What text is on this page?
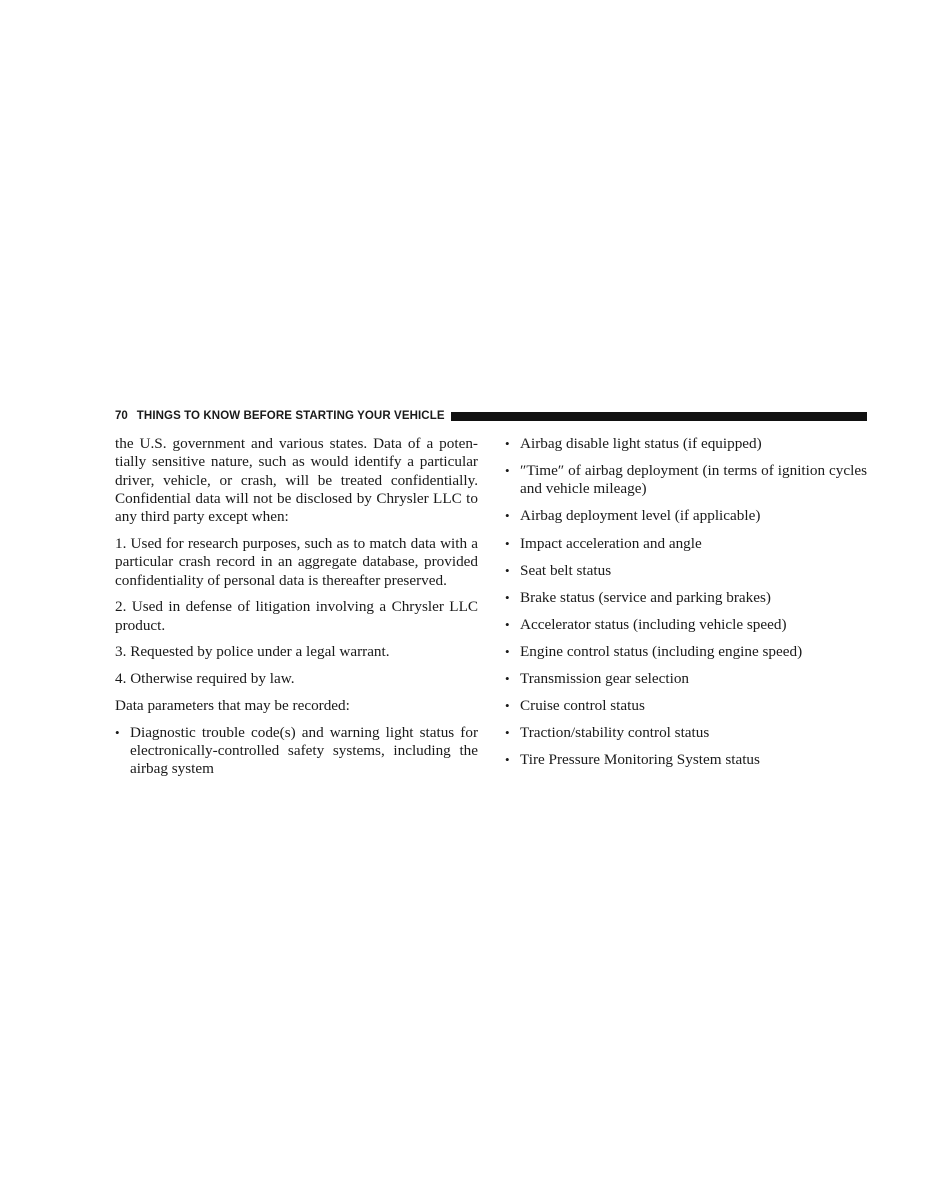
70 THINGS TO KNOW BEFORE STARTING YOUR VEHICLE

the U.S. government and various states. Data of a poten-tially sensitive nature, such as would identify a particular driver, vehicle, or crash, will be treated confidentially. Confidential data will not be disclosed by Chrysler LLC to any third party except when:

1. Used for research purposes, such as to match data with a particular crash record in an aggregate database, provided confidentiality of personal data is thereafter preserved.

2. Used in defense of litigation involving a Chrysler LLC product.

3. Requested by police under a legal warrant.

4. Otherwise required by law.

Data parameters that may be recorded:

• Diagnostic trouble code(s) and warning light status for electronically-controlled safety systems, including the airbag system
• Airbag disable light status (if equipped)
• ″Time″ of airbag deployment (in terms of ignition cycles and vehicle mileage)
• Airbag deployment level (if applicable)
• Impact acceleration and angle
• Seat belt status
• Brake status (service and parking brakes)
• Accelerator status (including vehicle speed)
• Engine control status (including engine speed)
• Transmission gear selection
• Cruise control status
• Traction/stability control status
• Tire Pressure Monitoring System status
